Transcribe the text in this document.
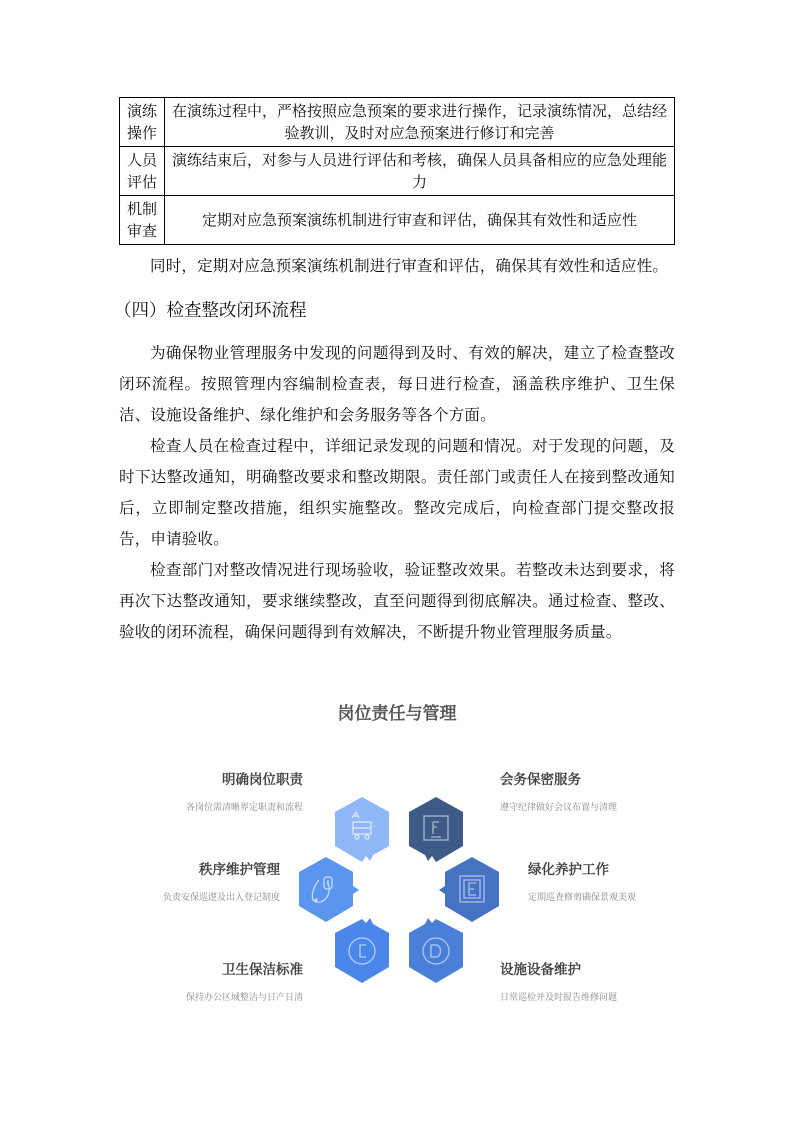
演练
操作	在演练过程中，严格按照应急预案的要求进行操作，记录演练情况，总结经验教训，及时对应急预案进行修订和完善
人员
评估	演练结束后，对参与人员进行评估和考核，确保人员具备相应的应急处理能力
机制
审查	定期对应急预案演练机制进行审查和评估，确保其有效性和适应性

同时，定期对应急预案演练机制进行审查和评估，确保其有效性和适应性。

（四）检查整改闭环流程

为确保物业管理服务中发现的问题得到及时、有效的解决，建立了检查整改闭环流程。按照管理内容编制检查表，每日进行检查，涵盖秩序维护、卫生保洁、设施设备维护、绿化维护和会务服务等各个方面。

检查人员在检查过程中，详细记录发现的问题和情况。对于发现的问题，及时下达整改通知，明确整改要求和整改期限。责任部门或责任人在接到整改通知后，立即制定整改措施，组织实施整改。整改完成后，向检查部门提交整改报告，申请验收。

检查部门对整改情况进行现场验收，验证整改效果。若整改未达到要求，将再次下达整改通知，要求继续整改，直至问题得到彻底解决。通过检查、整改、验收的闭环流程，确保问题得到有效解决，不断提升物业管理服务质量。

岗位责任与管理
明确岗位职责
各岗位需清晰界定职责和流程
秩序维护管理
负责安保巡逻及出入登记制度
卫生保洁标准
保持办公区域整洁与日产日清
会务保密服务
遵守纪律做好会议布置与清理
绿化养护工作
定期巡查修剪确保景观美观
设施设备维护
日常巡检并及时报告维修问题
